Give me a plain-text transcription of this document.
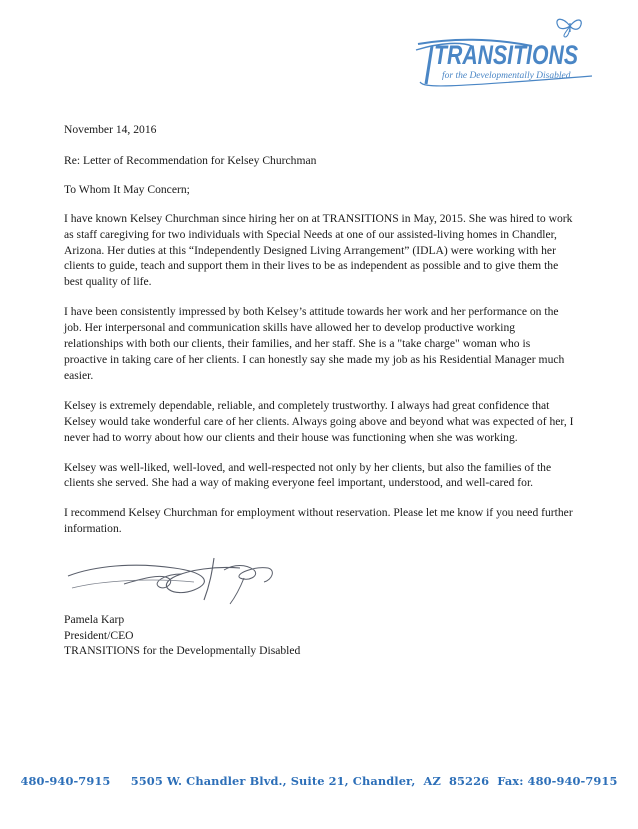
TRANSITIONS
for the Developmentally Disabled

November 14, 2016

Re: Letter of Recommendation for Kelsey Churchman

To Whom It May Concern;

I have known Kelsey Churchman since hiring her on at TRANSITIONS in May, 2015. She was hired to work as staff caregiving for two individuals with Special Needs at one of our assisted-living homes in Chandler, Arizona. Her duties at this “Independently Designed Living Arrangement” (IDLA) were working with her clients to guide, teach and support them in their lives to be as independent as possible and to give them the best quality of life.

I have been consistently impressed by both Kelsey’s attitude towards her work and her performance on the job. Her interpersonal and communication skills have allowed her to develop productive working relationships with both our clients, their families, and her staff. She is a "take charge" woman who is proactive in taking care of her clients. I can honestly say she made my job as his Residential Manager much easier.

Kelsey is extremely dependable, reliable, and completely trustworthy. I always had great confidence that Kelsey would take wonderful care of her clients. Always going above and beyond what was expected of her, I never had to worry about how our clients and their house was functioning when she was working.

Kelsey was well-liked, well-loved, and well-respected not only by her clients, but also the families of the clients she served. She had a way of making everyone feel important, understood, and well-cared for.

I recommend Kelsey Churchman for employment without reservation. Please let me know if you need further information.

Pamela Karp
President/CEO
TRANSITIONS for the Developmentally Disabled
480-940-7915     5505 W. Chandler Blvd., Suite 21, Chandler,  AZ  85226  Fax: 480-940-7915
